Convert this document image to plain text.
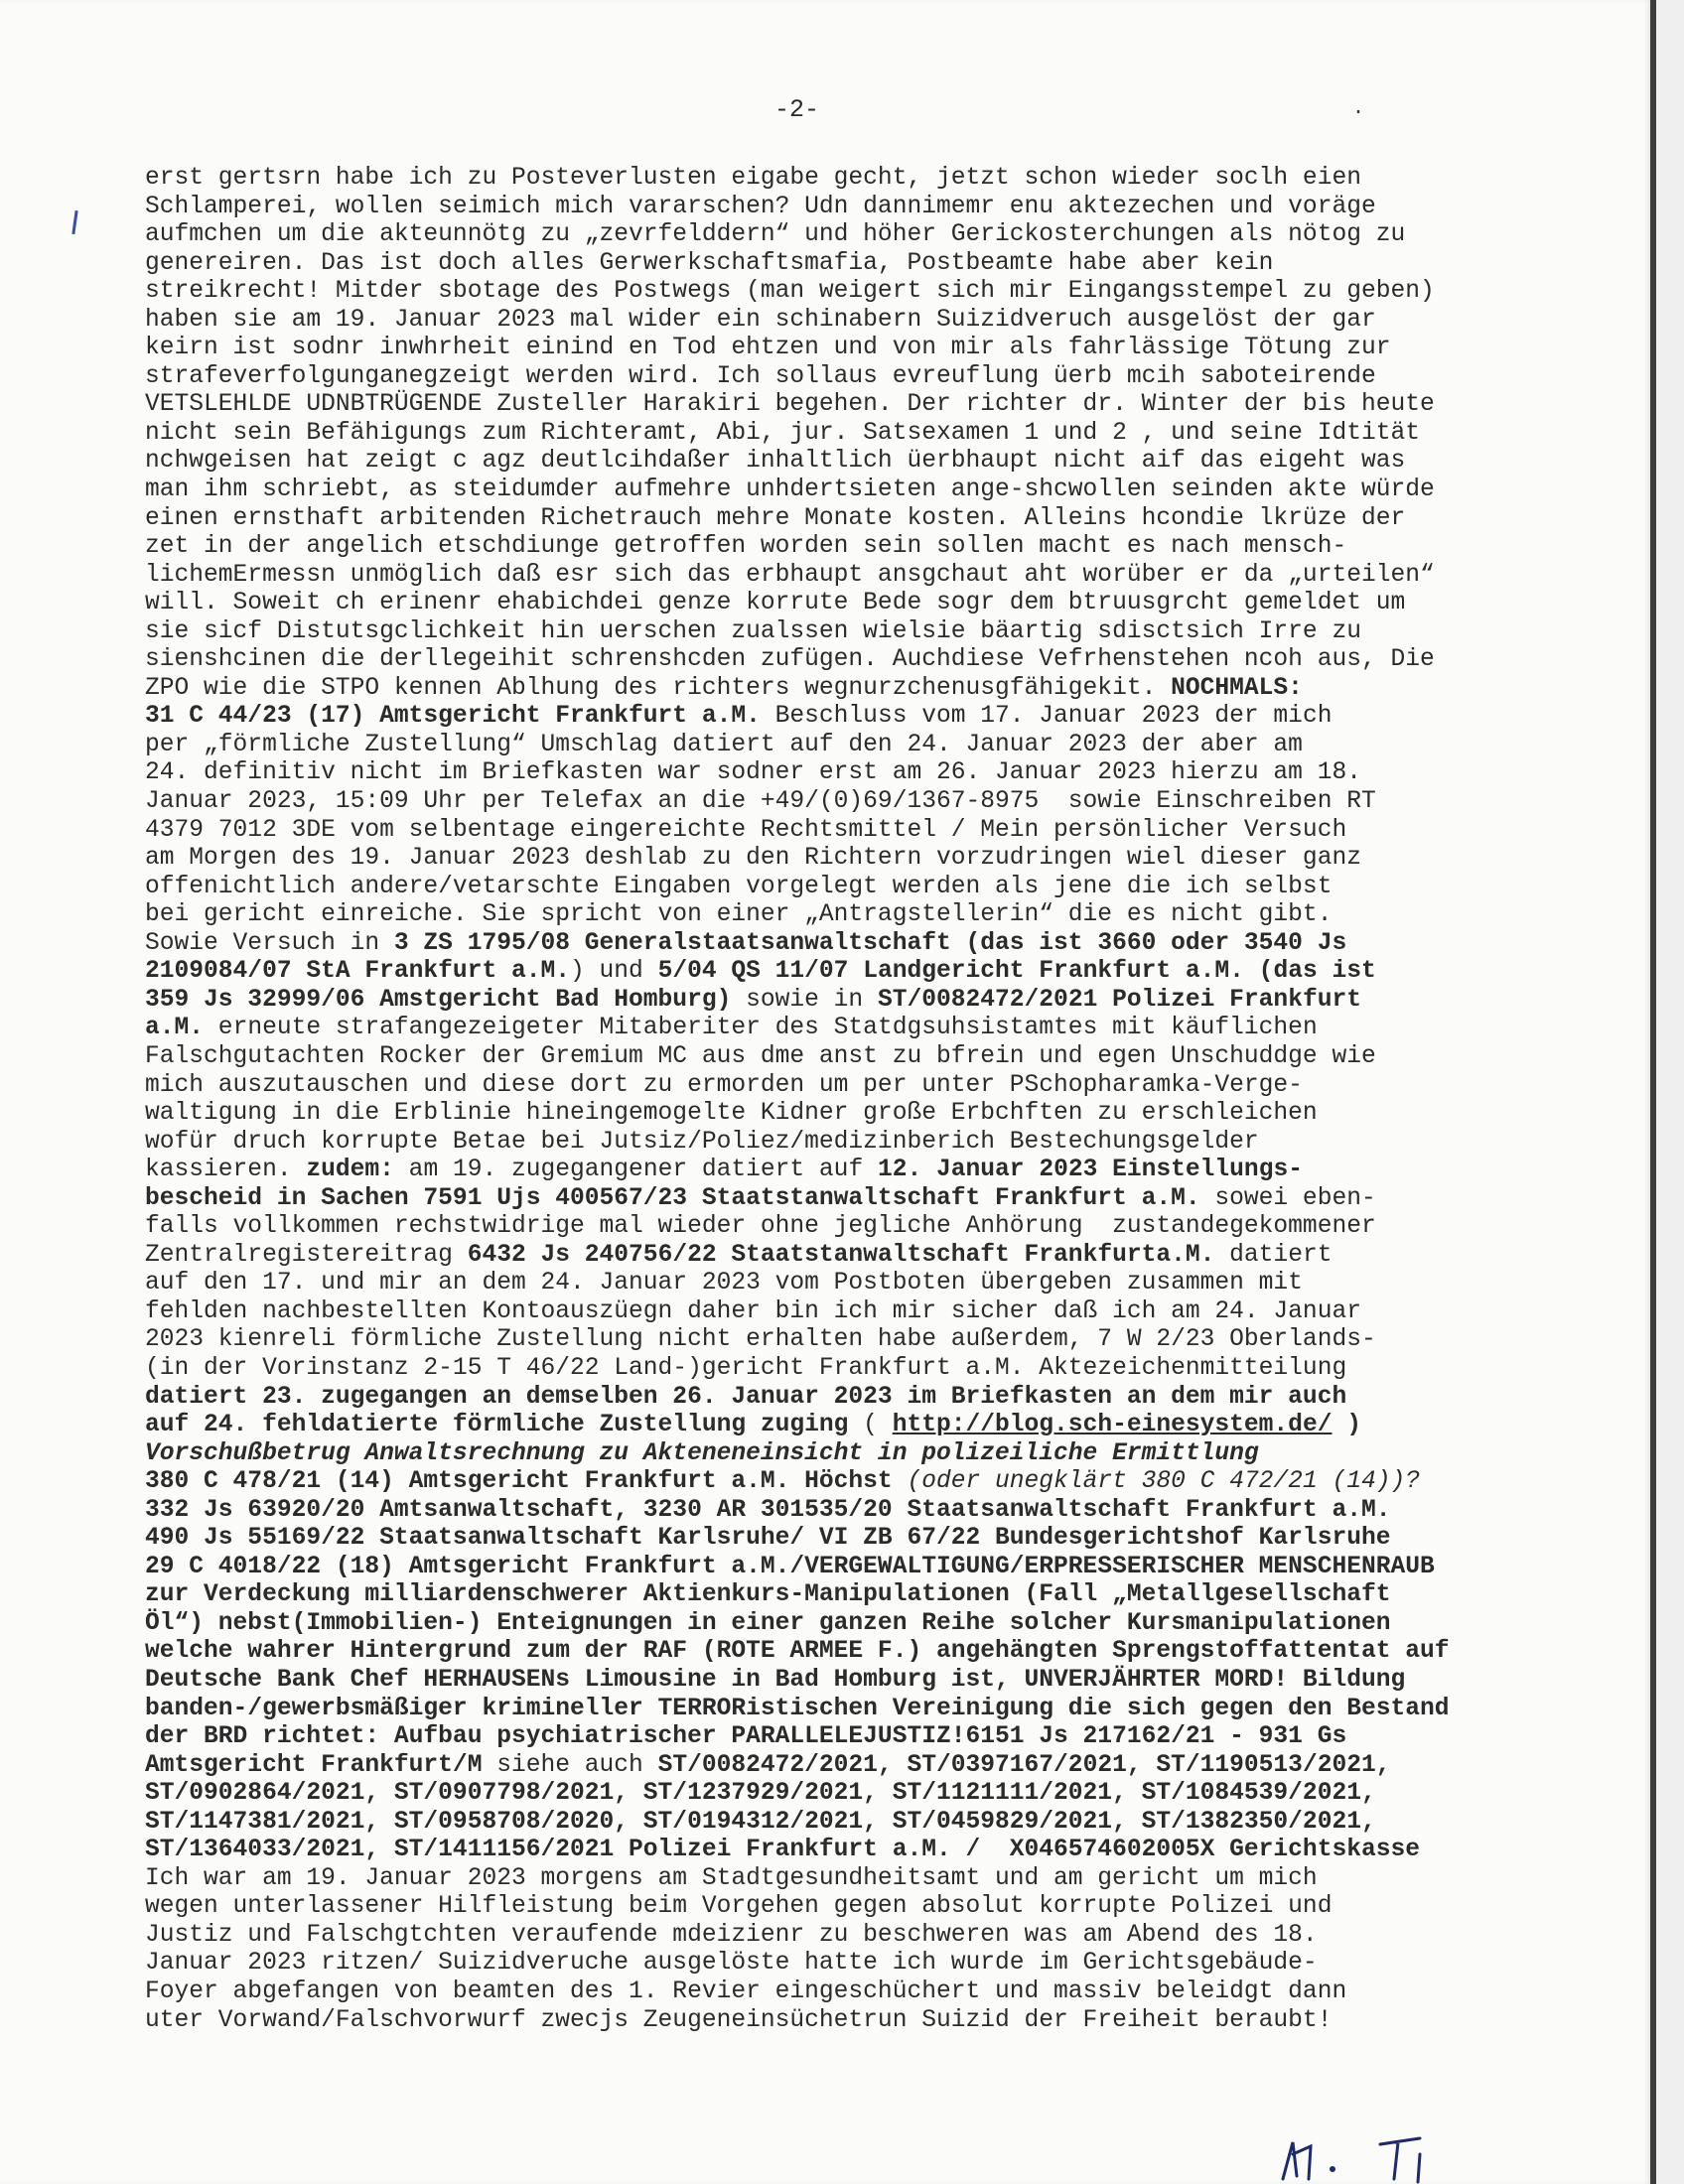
-2-	.
erst gertsrn habe ich zu Posteverlusten eigabe gecht, jetzt schon wieder soclh eien
Schlamperei, wollen seimich mich vararschen? Udn dannimemr enu aktezechen und voräge
aufmchen um die akteunnötg zu „zevrfelddern“ und höher Gerickosterchungen als nötog zu
genereiren. Das ist doch alles Gerwerkschaftsmafia, Postbeamte habe aber kein
streikrecht! Mitder sbotage des Postwegs (man weigert sich mir Eingangsstempel zu geben)
haben sie am 19. Januar 2023 mal wider ein schinabern Suizidveruch ausgelöst der gar
keirn ist sodnr inwhrheit einind en Tod ehtzen und von mir als fahrlässige Tötung zur
strafeverfolgunganegzeigt werden wird. Ich sollaus evreuflung üerb mcih saboteirende
VETSLEHLDE UDNBTRÜGENDE Zusteller Harakiri begehen. Der richter dr. Winter der bis heute
nicht sein Befähigungs zum Richteramt, Abi, jur. Satsexamen 1 und 2 , und seine Idtität
nchwgeisen hat zeigt c agz deutlcihdaßer inhaltlich üerbhaupt nicht aif das eigeht was
man ihm schriebt, as steidumder aufmehre unhdertsieten ange-shcwollen seinden akte würde
einen ernsthaft arbitenden Richetrauch mehre Monate kosten. Alleins hcondie lkrüze der
zet in der angelich etschdiunge getroffen worden sein sollen macht es nach mensch-
lichemErmessn unmöglich daß esr sich das erbhaupt ansgchaut aht worüber er da „urteilen“
will. Soweit ch erinenr ehabichdei genze korrute Bede sogr dem btruusgrcht gemeldet um
sie sicf Distutsgclichkeit hin uerschen zualssen wielsie bäartig sdisctsich Irre zu
sienshcinen die derllegeihit schrenshcden zufügen. Auchdiese Vefrhenstehen ncoh aus, Die
ZPO wie die STPO kennen Ablhung des richters wegnurzchenusgfähigekit. NOCHMALS:
31 C 44/23 (17) Amtsgericht Frankfurt a.M. Beschluss vom 17. Januar 2023 der mich
per „förmliche Zustellung“ Umschlag datiert auf den 24. Januar 2023 der aber am
24. definitiv nicht im Briefkasten war sodner erst am 26. Januar 2023 hierzu am 18.
Januar 2023, 15:09 Uhr per Telefax an die +49/(0)69/1367-8975  sowie Einschreiben RT
4379 7012 3DE vom selbentage eingereichte Rechtsmittel / Mein persönlicher Versuch
am Morgen des 19. Januar 2023 deshlab zu den Richtern vorzudringen wiel dieser ganz
offenichtlich andere/vetarschte Eingaben vorgelegt werden als jene die ich selbst
bei gericht einreiche. Sie spricht von einer „Antragstellerin“ die es nicht gibt.
Sowie Versuch in 3 ZS 1795/08 Generalstaatsanwaltschaft (das ist 3660 oder 3540 Js
2109084/07 StA Frankfurt a.M.) und 5/04 QS 11/07 Landgericht Frankfurt a.M. (das ist
359 Js 32999/06 Amstgericht Bad Homburg) sowie in ST/0082472/2021 Polizei Frankfurt
a.M. erneute strafangezeigeter Mitaberiter des Statdgsuhsistamtes mit käuflichen
Falschgutachten Rocker der Gremium MC aus dme anst zu bfrein und egen Unschuddge wie
mich auszutauschen und diese dort zu ermorden um per unter PSchopharamka-Verge-
waltigung in die Erblinie hineingemogelte Kidner große Erbchften zu erschleichen
wofür druch korrupte Betae bei Jutsiz/Poliez/medizinberich Bestechungsgelder
kassieren. zudem: am 19. zugegangener datiert auf 12. Januar 2023 Einstellungs-
bescheid in Sachen 7591 Ujs 400567/23 Staatstanwaltschaft Frankfurt a.M. sowei eben-
falls vollkommen rechstwidrige mal wieder ohne jegliche Anhörung  zustandegekommener
Zentralregistereitrag 6432 Js 240756/22 Staatstanwaltschaft Frankfurta.M. datiert
auf den 17. und mir an dem 24. Januar 2023 vom Postboten übergeben zusammen mit
fehlden nachbestellten Kontoauszüegn daher bin ich mir sicher daß ich am 24. Januar
2023 kienreli förmliche Zustellung nicht erhalten habe außerdem, 7 W 2/23 Oberlands-
(in der Vorinstanz 2-15 T 46/22 Land-)gericht Frankfurt a.M. Aktezeichenmitteilung
datiert 23. zugegangen an demselben 26. Januar 2023 im Briefkasten an dem mir auch
auf 24. fehldatierte förmliche Zustellung zuging ( http://blog.sch-einesystem.de/ )
Vorschußbetrug Anwaltsrechnung zu Akteneneinsicht in polizeiliche Ermittlung
380 C 478/21 (14) Amtsgericht Frankfurt a.M. Höchst (oder unegklärt 380 C 472/21 (14))?
332 Js 63920/20 Amtsanwaltschaft, 3230 AR 301535/20 Staatsanwaltschaft Frankfurt a.M.
490 Js 55169/22 Staatsanwaltschaft Karlsruhe/ VI ZB 67/22 Bundesgerichtshof Karlsruhe
29 C 4018/22 (18) Amtsgericht Frankfurt a.M./VERGEWALTIGUNG/ERPRESSERISCHER MENSCHENRAUB
zur Verdeckung milliardenschwerer Aktienkurs-Manipulationen (Fall „Metallgesellschaft
Öl“) nebst(Immobilien-) Enteignungen in einer ganzen Reihe solcher Kursmanipulationen
welche wahrer Hintergrund zum der RAF (ROTE ARMEE F.) angehängten Sprengstoffattentat auf
Deutsche Bank Chef HERHAUSENs Limousine in Bad Homburg ist, UNVERJÄHRTER MORD! Bildung
banden-/gewerbsmäßiger krimineller TERRORistischen Vereinigung die sich gegen den Bestand
der BRD richtet: Aufbau psychiatrischer PARALLELEJUSTIZ!6151 Js 217162/21 - 931 Gs
Amtsgericht Frankfurt/M siehe auch ST/0082472/2021, ST/0397167/2021, ST/1190513/2021,
ST/0902864/2021, ST/0907798/2021, ST/1237929/2021, ST/1121111/2021, ST/1084539/2021,
ST/1147381/2021, ST/0958708/2020, ST/0194312/2021, ST/0459829/2021, ST/1382350/2021,
ST/1364033/2021, ST/1411156/2021 Polizei Frankfurt a.M. /  X046574602005X Gerichtskasse
Ich war am 19. Januar 2023 morgens am Stadtgesundheitsamt und am gericht um mich
wegen unterlassener Hilfleistung beim Vorgehen gegen absolut korrupte Polizei und
Justiz und Falschgtchten veraufende mdeizienr zu beschweren was am Abend des 18.
Januar 2023 ritzen/ Suizidveruche ausgelöste hatte ich wurde im Gerichtsgebäude-
Foyer abgefangen von beamten des 1. Revier eingeschüchert und massiv beleidgt dann
uter Vorwand/Falschvorwurf zwecjs Zeugeneinsüchetrun Suizid der Freiheit beraubt!
